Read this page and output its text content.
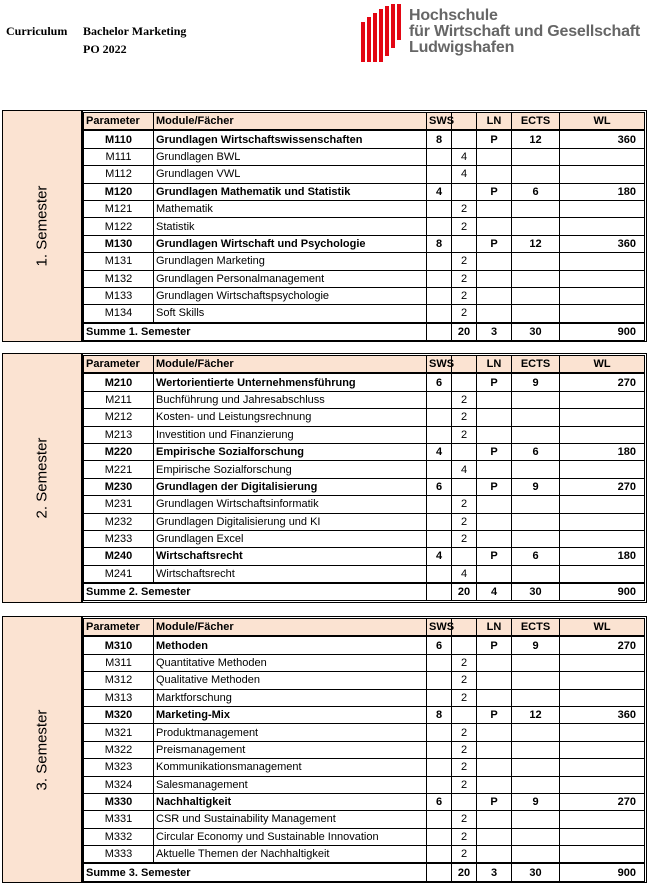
Curriculum Bachelor Marketing
PO 2022
Hochschule
für Wirtschaft und Gesellschaft
Ludwigshafen
1. Semester
Parameter	Module/Fächer	SWS		LN	ECTS	WL
M110	Grundlagen Wirtschaftswissenschaften	8		P	12	360
M111	Grundlagen BWL		4			
M112	Grundlagen VWL		4			
M120	Grundlagen Mathematik und Statistik	4		P	6	180
M121	Mathematik		2			
M122	Statistik		2			
M130	Grundlagen Wirtschaft und Psychologie	8		P	12	360
M131	Grundlagen Marketing		2			
M132	Grundlagen Personalmanagement		2			
M133	Grundlagen Wirtschaftspsychologie		2			
M134	Soft Skills		2			
Summe 1. Semester			20	3	30	900
2. Semester
Parameter	Module/Fächer	SWS		LN	ECTS	WL
M210	Wertorientierte Unternehmensführung	6		P	9	270
M211	Buchführung und Jahresabschluss		2			
M212	Kosten- und Leistungsrechnung		2			
M213	Investition und Finanzierung		2			
M220	Empirische Sozialforschung	4		P	6	180
M221	Empirische Sozialforschung		4			
M230	Grundlagen der Digitalisierung	6		P	9	270
M231	Grundlagen Wirtschaftsinformatik		2			
M232	Grundlagen Digitalisierung und KI		2			
M233	Grundlagen Excel		2			
M240	Wirtschaftsrecht	4		P	6	180
M241	Wirtschaftsrecht		4			
Summe 2. Semester			20	4	30	900
3. Semester
Parameter	Module/Fächer	SWS		LN	ECTS	WL
M310	Methoden	6		P	9	270
M311	Quantitative Methoden		2			
M312	Qualitative Methoden		2			
M313	Marktforschung		2			
M320	Marketing-Mix	8		P	12	360
M321	Produktmanagement		2			
M322	Preismanagement		2			
M323	Kommunikationsmanagement		2			
M324	Salesmanagement		2			
M330	Nachhaltigkeit	6		P	9	270
M331	CSR und Sustainability Management		2			
M332	Circular Economy und Sustainable Innovation		2			
M333	Aktuelle Themen der Nachhaltigkeit		2			
Summe 3. Semester			20	3	30	900
